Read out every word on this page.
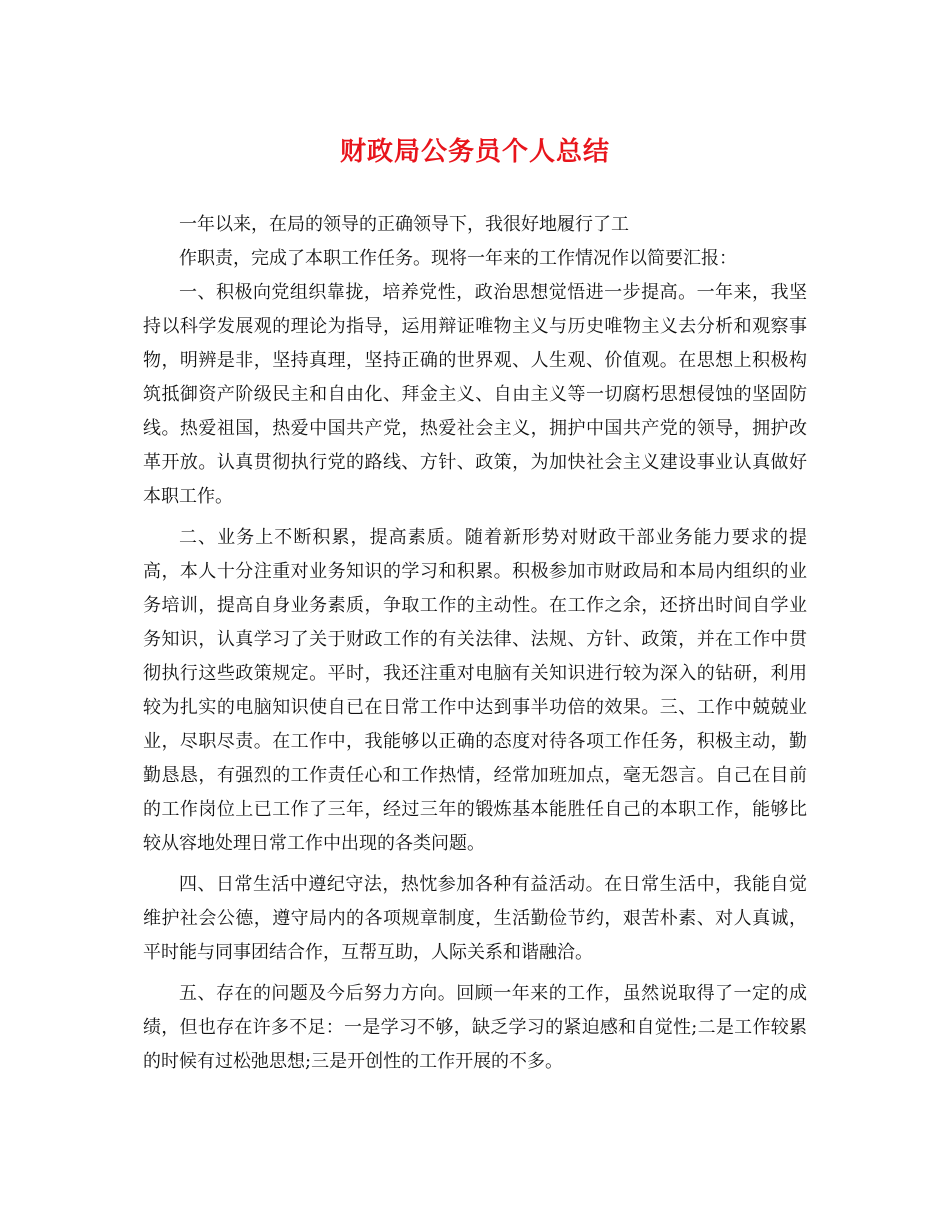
财政局公务员个人总结

一年以来，在局的领导的正确领导下，我很好地履行了工

作职责，完成了本职工作任务。现将一年来的工作情况作以简要汇报：

一、积极向党组织靠拢，培养党性，政治思想觉悟进一步提高。一年来，我坚持以科学发展观的理论为指导，运用辩证唯物主义与历史唯物主义去分析和观察事物，明辨是非，坚持真理，坚持正确的世界观、人生观、价值观。在思想上积极构筑抵御资产阶级民主和自由化、拜金主义、自由主义等一切腐朽思想侵蚀的坚固防线。热爱祖国，热爱中国共产党，热爱社会主义，拥护中国共产党的领导，拥护改革开放。认真贯彻执行党的路线、方针、政策，为加快社会主义建设事业认真做好本职工作。

二、业务上不断积累，提高素质。随着新形势对财政干部业务能力要求的提高，本人十分注重对业务知识的学习和积累。积极参加市财政局和本局内组织的业务培训，提高自身业务素质，争取工作的主动性。在工作之余，还挤出时间自学业务知识，认真学习了关于财政工作的有关法律、法规、方针、政策，并在工作中贯彻执行这些政策规定。平时，我还注重对电脑有关知识进行较为深入的钻研，利用较为扎实的电脑知识使自已在日常工作中达到事半功倍的效果。三、工作中兢兢业业，尽职尽责。在工作中，我能够以正确的态度对待各项工作任务，积极主动，勤勤恳恳，有强烈的工作责任心和工作热情，经常加班加点，毫无怨言。自己在目前的工作岗位上已工作了三年，经过三年的锻炼基本能胜任自己的本职工作，能够比较从容地处理日常工作中出现的各类问题。

四、日常生活中遵纪守法，热忱参加各种有益活动。在日常生活中，我能自觉维护社会公德，遵守局内的各项规章制度，生活勤俭节约，艰苦朴素、对人真诚，平时能与同事团结合作，互帮互助，人际关系和谐融洽。

五、存在的问题及今后努力方向。回顾一年来的工作，虽然说取得了一定的成绩，但也存在许多不足：一是学习不够，缺乏学习的紧迫感和自觉性;二是工作较累的时候有过松弛思想;三是开创性的工作开展的不多。
